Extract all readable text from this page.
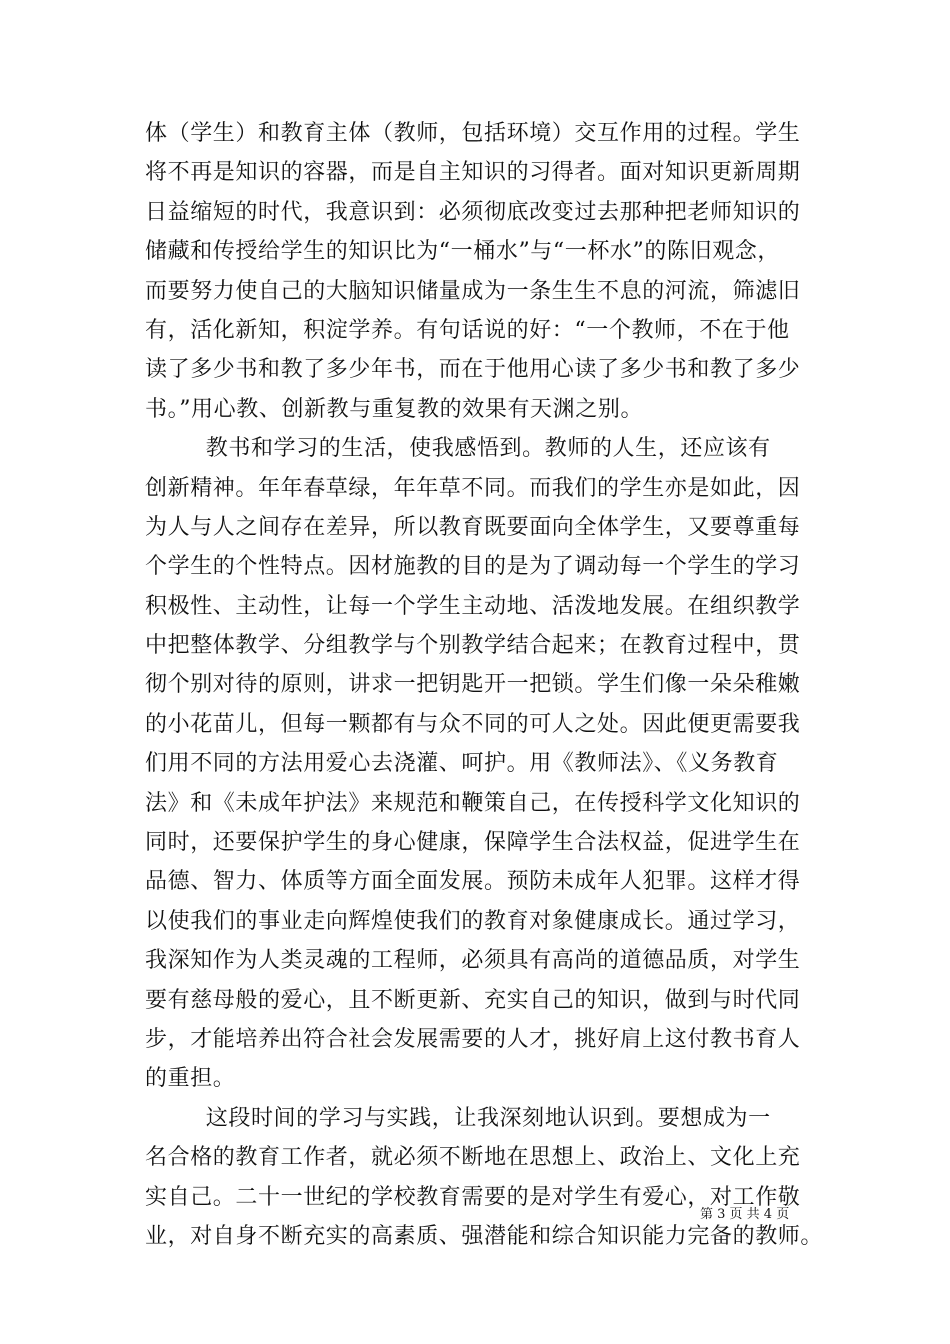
体（学生）和教育主体（教师，包括环境）交互作用的过程。学生
将不再是知识的容器，而是自主知识的习得者。面对知识更新周期
日益缩短的时代，我意识到：必须彻底改变过去那种把老师知识的
储藏和传授给学生的知识比为“一桶水”与“一杯水”的陈旧观念，
而要努力使自己的大脑知识储量成为一条生生不息的河流，筛滤旧
有，活化新知，积淀学养。有句话说的好：“一个教师，不在于他
读了多少书和教了多少年书，而在于他用心读了多少书和教了多少
书。”用心教、创新教与重复教的效果有天渊之别。
教书和学习的生活，使我感悟到。教师的人生，还应该有
创新精神。年年春草绿，年年草不同。而我们的学生亦是如此，因
为人与人之间存在差异，所以教育既要面向全体学生，又要尊重每
个学生的个性特点。因材施教的目的是为了调动每一个学生的学习
积极性、主动性，让每一个学生主动地、活泼地发展。在组织教学
中把整体教学、分组教学与个别教学结合起来；在教育过程中，贯
彻个别对待的原则，讲求一把钥匙开一把锁。学生们像一朵朵稚嫩
的小花苗儿，但每一颗都有与众不同的可人之处。因此便更需要我
们用不同的方法用爱心去浇灌、呵护。用《教师法》、《义务教育
法》和《未成年护法》来规范和鞭策自己，在传授科学文化知识的
同时，还要保护学生的身心健康，保障学生合法权益，促进学生在
品德、智力、体质等方面全面发展。预防未成年人犯罪。这样才得
以使我们的事业走向辉煌使我们的教育对象健康成长。通过学习，
我深知作为人类灵魂的工程师，必须具有高尚的道德品质，对学生
要有慈母般的爱心，且不断更新、充实自己的知识，做到与时代同
步，才能培养出符合社会发展需要的人才，挑好肩上这付教书育人
的重担。
这段时间的学习与实践，让我深刻地认识到。要想成为一
名合格的教育工作者，就必须不断地在思想上、政治上、文化上充
实自己。二十一世纪的学校教育需要的是对学生有爱心，对工作敬
业，对自身不断充实的高素质、强潜能和综合知识能力完备的教师。
第 3 页 共 4 页
